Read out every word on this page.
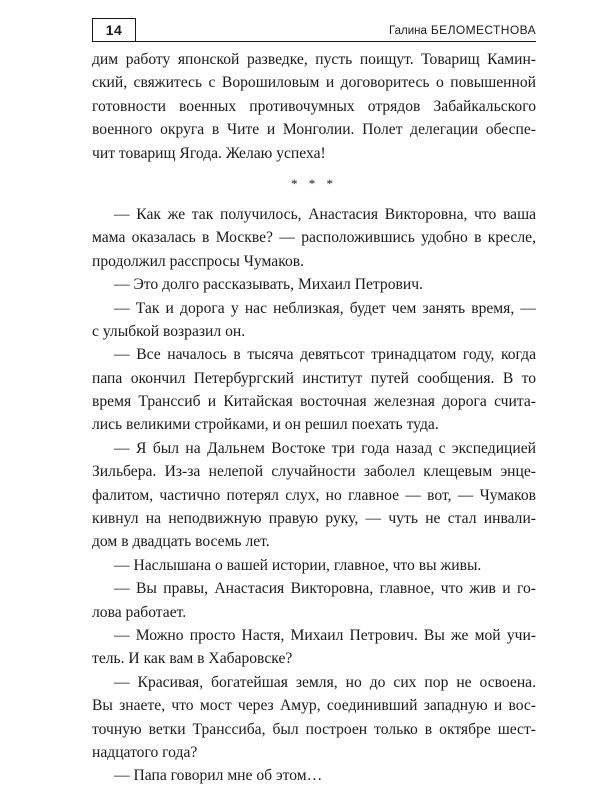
14	Галина БЕЛОМЕСТНОВА
дим работу японской разведке, пусть поищут. Товарищ Камин-
ский, свяжитесь с Ворошиловым и договоритесь о повышенной
готовности военных противочумных отрядов Забайкальского
военного округа в Чите и Монголии. Полет делегации обеспе-
чит товарищ Ягода. Желаю успеха!
* * *
— Как же так получилось, Анастасия Викторовна, что ваша
мама оказалась в Москве? — расположившись удобно в кресле,
продолжил расспросы Чумаков.
— Это долго рассказывать, Михаил Петрович.
— Так и дорога у нас неблизкая, будет чем занять время, —
с улыбкой возразил он.
— Все началось в тысяча девятьсот тринадцатом году, когда
папа окончил Петербургский институт путей сообщения. В то
время Транссиб и Китайская восточная железная дорога счита-
лись великими стройками, и он решил поехать туда.
— Я был на Дальнем Востоке три года назад с экспедицией
Зильбера. Из-за нелепой случайности заболел клещевым энце-
фалитом, частично потерял слух, но главное — вот, — Чумаков
кивнул на неподвижную правую руку, — чуть не стал инвали-
дом в двадцать восемь лет.
— Наслышана о вашей истории, главное, что вы живы.
— Вы правы, Анастасия Викторовна, главное, что жив и го-
лова работает.
— Можно просто Настя, Михаил Петрович. Вы же мой учи-
тель. И как вам в Хабаровске?
— Красивая, богатейшая земля, но до сих пор не освоена.
Вы знаете, что мост через Амур, соединивший западную и вос-
точную ветки Транссиба, был построен только в октябре шест-
надцатого года?
— Папа говорил мне об этом…
